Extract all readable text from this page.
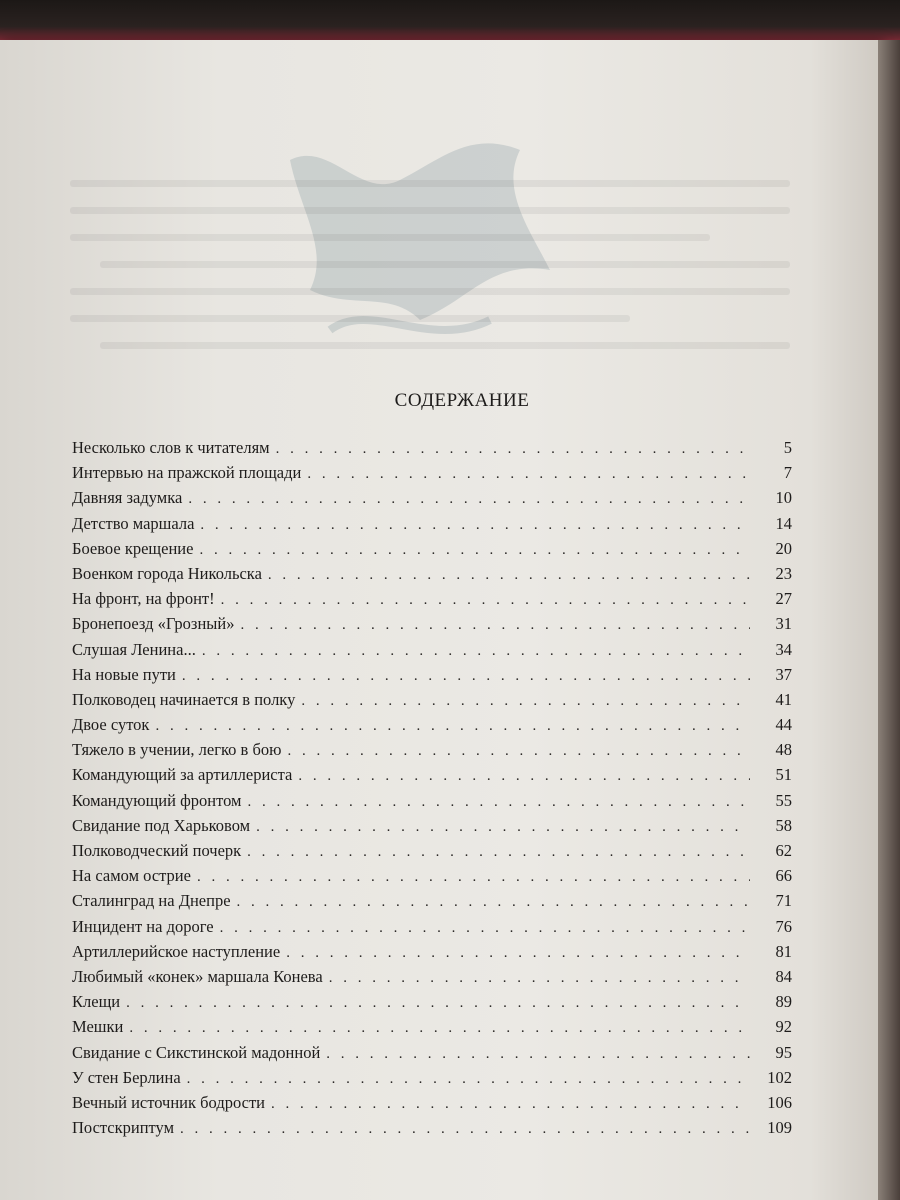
СОДЕРЖАНИЕ
Несколько слов к читателям . . .	5
Интервью на пражской площади . . .	7
Давняя задумка . . .	10
Детство маршала . . .	14
Боевое крещение . . .	20
Военком города Никольска . . .	23
На фронт, на фронт! . . .	27
Бронепоезд «Грозный» . . .	31
Слушая Ленина... . . .	34
На новые пути . . .	37
Полководец начинается в полку . . .	41
Двое суток . . .	44
Тяжело в учении, легко в бою . . .	48
Командующий за артиллериста . . .	51
Командующий фронтом . . .	55
Свидание под Харьковом . . .	58
Полководческий почерк . . .	62
На самом острие . . .	66
Сталинград на Днепре . . .	71
Инцидент на дороге . . .	76
Артиллерийское наступление . . .	81
Любимый «конек» маршала Конева . . .	84
Клещи . . .	89
Мешки . . .	92
Свидание с Сикстинской мадонной . . .	95
У стен Берлина . . .	102
Вечный источник бодрости . . .	106
Постскриптум . . .	109
